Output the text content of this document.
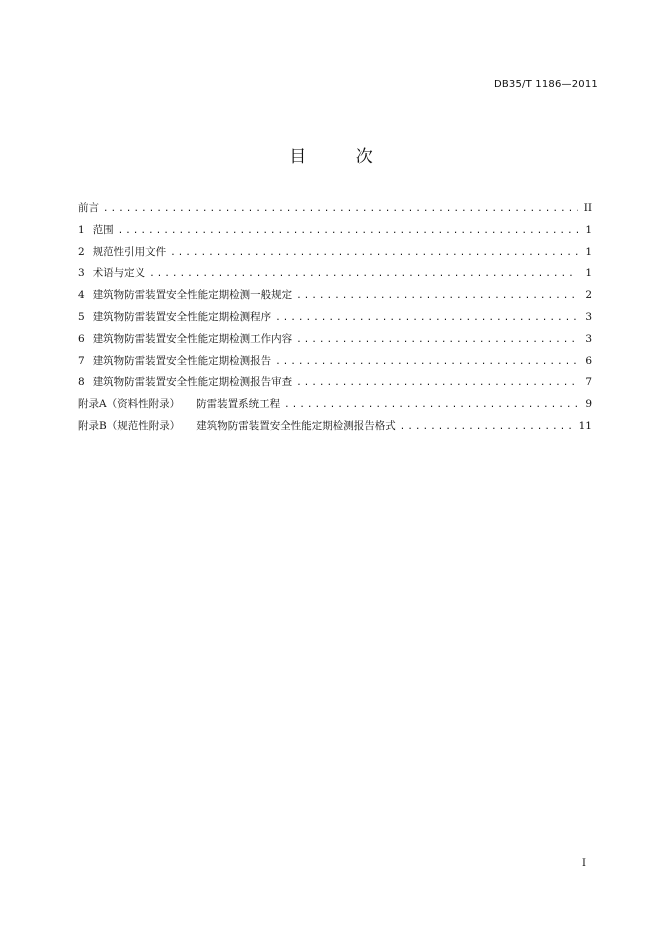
DB35/T 1186—2011
目 次
前言 .....	II
1 范围 .....	1
2 规范性引用文件 .....	1
3 术语与定义 .....	1
4 建筑物防雷装置安全性能定期检测一般规定 .....	2
5 建筑物防雷装置安全性能定期检测程序 .....	3
6 建筑物防雷装置安全性能定期检测工作内容 .....	3
7 建筑物防雷装置安全性能定期检测报告 .....	6
8 建筑物防雷装置安全性能定期检测报告审查 .....	7
附录A（资料性附录） 防雷装置系统工程 .....	9
附录B（规范性附录） 建筑物防雷装置安全性能定期检测报告格式 .....	11
I
